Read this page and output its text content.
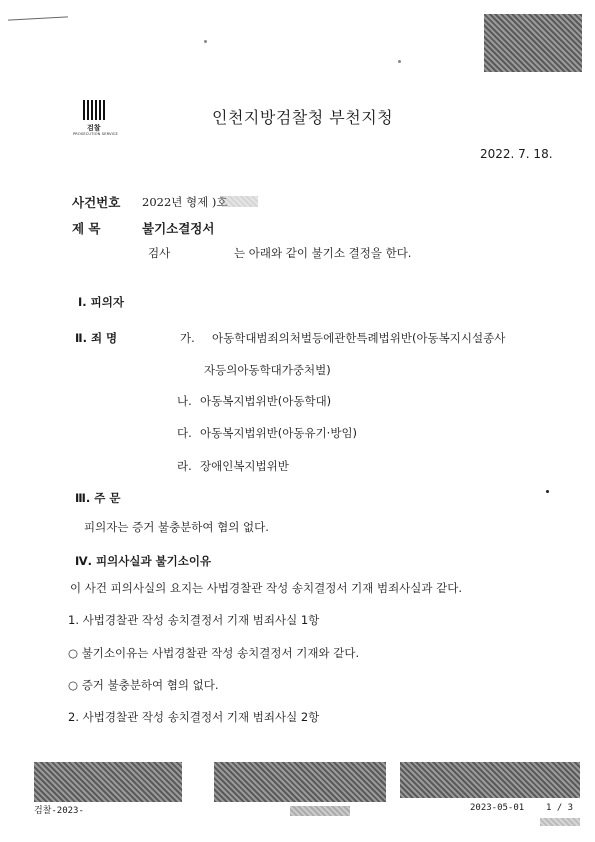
검찰
PROSECUTION SERVICE
인천지방검찰청 부천지청
2022. 7. 18.
사건번호 2022년 형제 )호
제 목	불기소결정서
검사	는 아래와 같이 불기소 결정을 한다.
Ⅰ. 피의자
Ⅱ. 죄 명	가. 아동학대범죄의처벌등에관한특례법위반(아동복지시설종사
자등의아동학대가중처벌)
나. 아동복지법위반(아동학대)
다. 아동복지법위반(아동유기·방임)
라. 장애인복지법위반
Ⅲ. 주 문
피의자는 증거 불충분하여 혐의 없다.
Ⅳ. 피의사실과 불기소이유
이 사건 피의사실의 요지는 사법경찰관 작성 송치결정서 기재 범죄사실과 같다.
1. 사법경찰관 작성 송치결정서 기재 범죄사실 1항
○ 불기소이유는 사법경찰관 작성 송치결정서 기재와 같다.
○ 증거 불충분하여 혐의 없다.
2. 사법경찰관 작성 송치결정서 기재 범죄사실 2항
검찰-2023-	2023-05-01 1 / 3
